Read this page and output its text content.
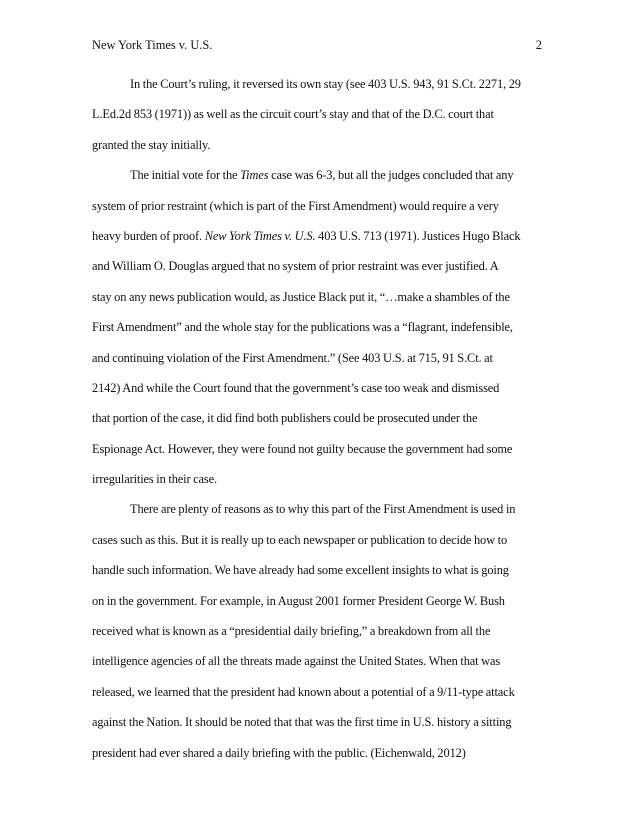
New York Times v. U.S.	2
In the Court’s ruling, it reversed its own stay (see 403 U.S. 943, 91 S.Ct. 2271, 29
L.Ed.2d 853 (1971)) as well as the circuit court’s stay and that of the D.C. court that
granted the stay initially.
The initial vote for the Times case was 6-3, but all the judges concluded that any
system of prior restraint (which is part of the First Amendment) would require a very
heavy burden of proof. New York Times v. U.S. 403 U.S. 713 (1971). Justices Hugo Black
and William O. Douglas argued that no system of prior restraint was ever justified. A
stay on any news publication would, as Justice Black put it, “…make a shambles of the
First Amendment” and the whole stay for the publications was a “flagrant, indefensible,
and continuing violation of the First Amendment.” (See 403 U.S. at 715, 91 S.Ct. at
2142) And while the Court found that the government’s case too weak and dismissed
that portion of the case, it did find both publishers could be prosecuted under the
Espionage Act. However, they were found not guilty because the government had some
irregularities in their case.
There are plenty of reasons as to why this part of the First Amendment is used in
cases such as this. But it is really up to each newspaper or publication to decide how to
handle such information. We have already had some excellent insights to what is going
on in the government. For example, in August 2001 former President George W. Bush
received what is known as a “presidential daily briefing,” a breakdown from all the
intelligence agencies of all the threats made against the United States. When that was
released, we learned that the president had known about a potential of a 9/11-type attack
against the Nation. It should be noted that that was the first time in U.S. history a sitting
president had ever shared a daily briefing with the public. (Eichenwald, 2012)
